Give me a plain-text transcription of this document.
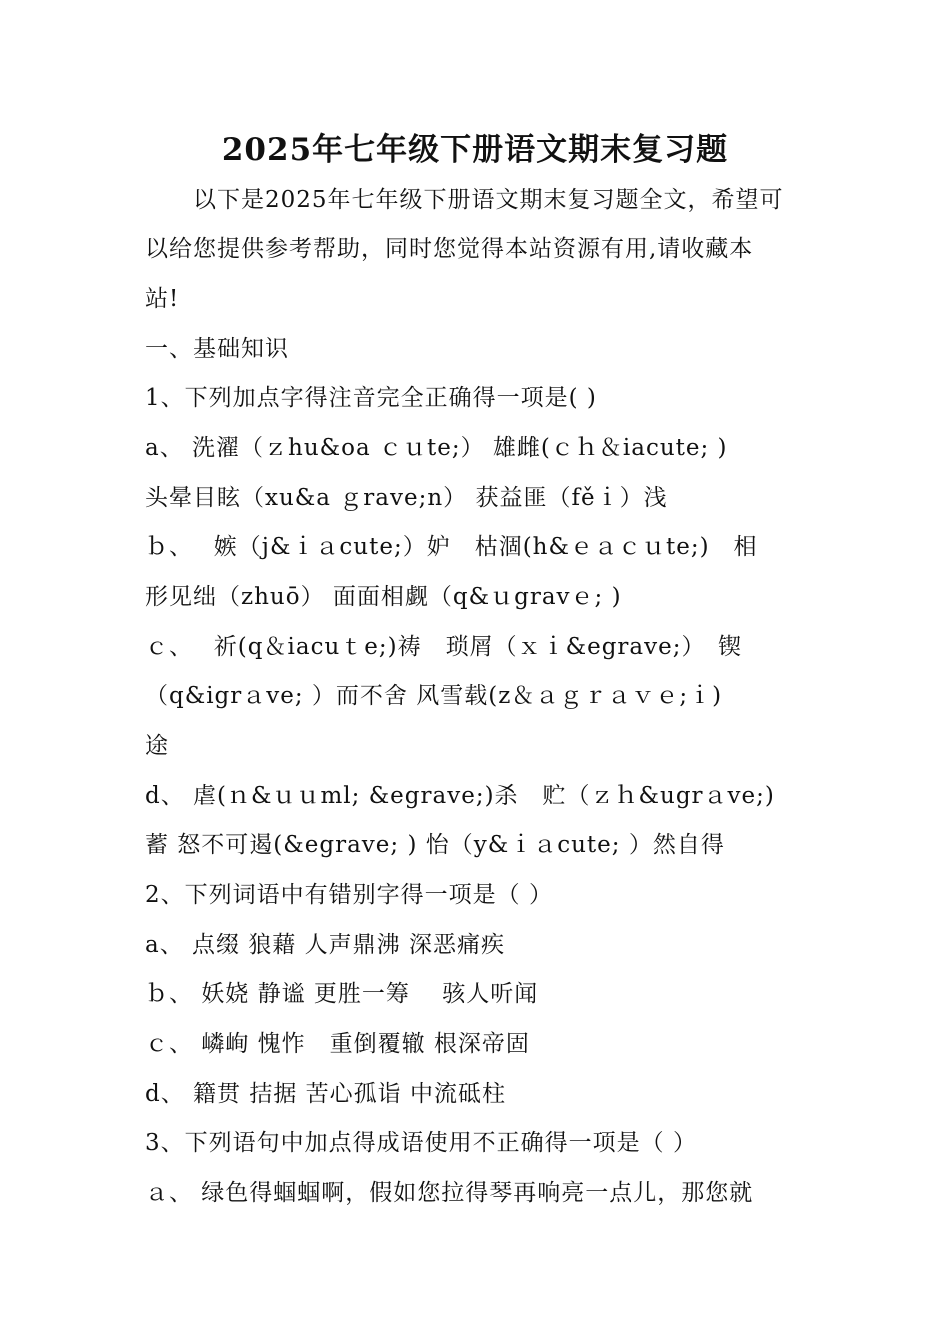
2025年七年级下册语文期末复习题
　　以下是2025年七年级下册语文期末复习题全文，希望可
以给您提供参考帮助，同时您觉得本站资源有用,请收藏本
站!
一、基础知识
1、下列加点字得注音完全正确得一项是( )
a、 洗濯（ｚhu&oa ｃｕte;） 雄雌(ｃｈ＆iacute; )
头晕目眩（xu&a ｇrave;n） 获益匪（fěｉ）浅
ｂ、　 嫉（j&ｉａcute;）妒　枯涸(h&ｅａｃｕte;)　相
形见绌（zhuō） 面面相觑（q&ｕgravｅ; )
ｃ、　 祈(q＆iacuｔe;)祷　琐屑（ｘｉ&egrave;）　锲
（q&igrａve; ）而不舍 风雪载(z＆ａｇｒａｖｅ;ｉ)
途
d、 虐(ｎ&ｕｕml; &egrave;)杀　贮（ｚｈ&ugrａve;)
蓄 怒不可遏(&egrave; ) 怡（y&ｉａcute; ）然自得
2、下列词语中有错别字得一项是（ ）
a、 点缀 狼藉 人声鼎沸 深恶痛疾
ｂ、 妖娆 静谧 更胜一筹　 骇人听闻
ｃ、 嶙峋 愧怍　重倒覆辙 根深帝固
d、 籍贯 拮据 苦心孤诣 中流砥柱
3、下列语句中加点得成语使用不正确得一项是（ ）
ａ、 绿色得蝈蝈啊，假如您拉得琴再响亮一点儿，那您就
